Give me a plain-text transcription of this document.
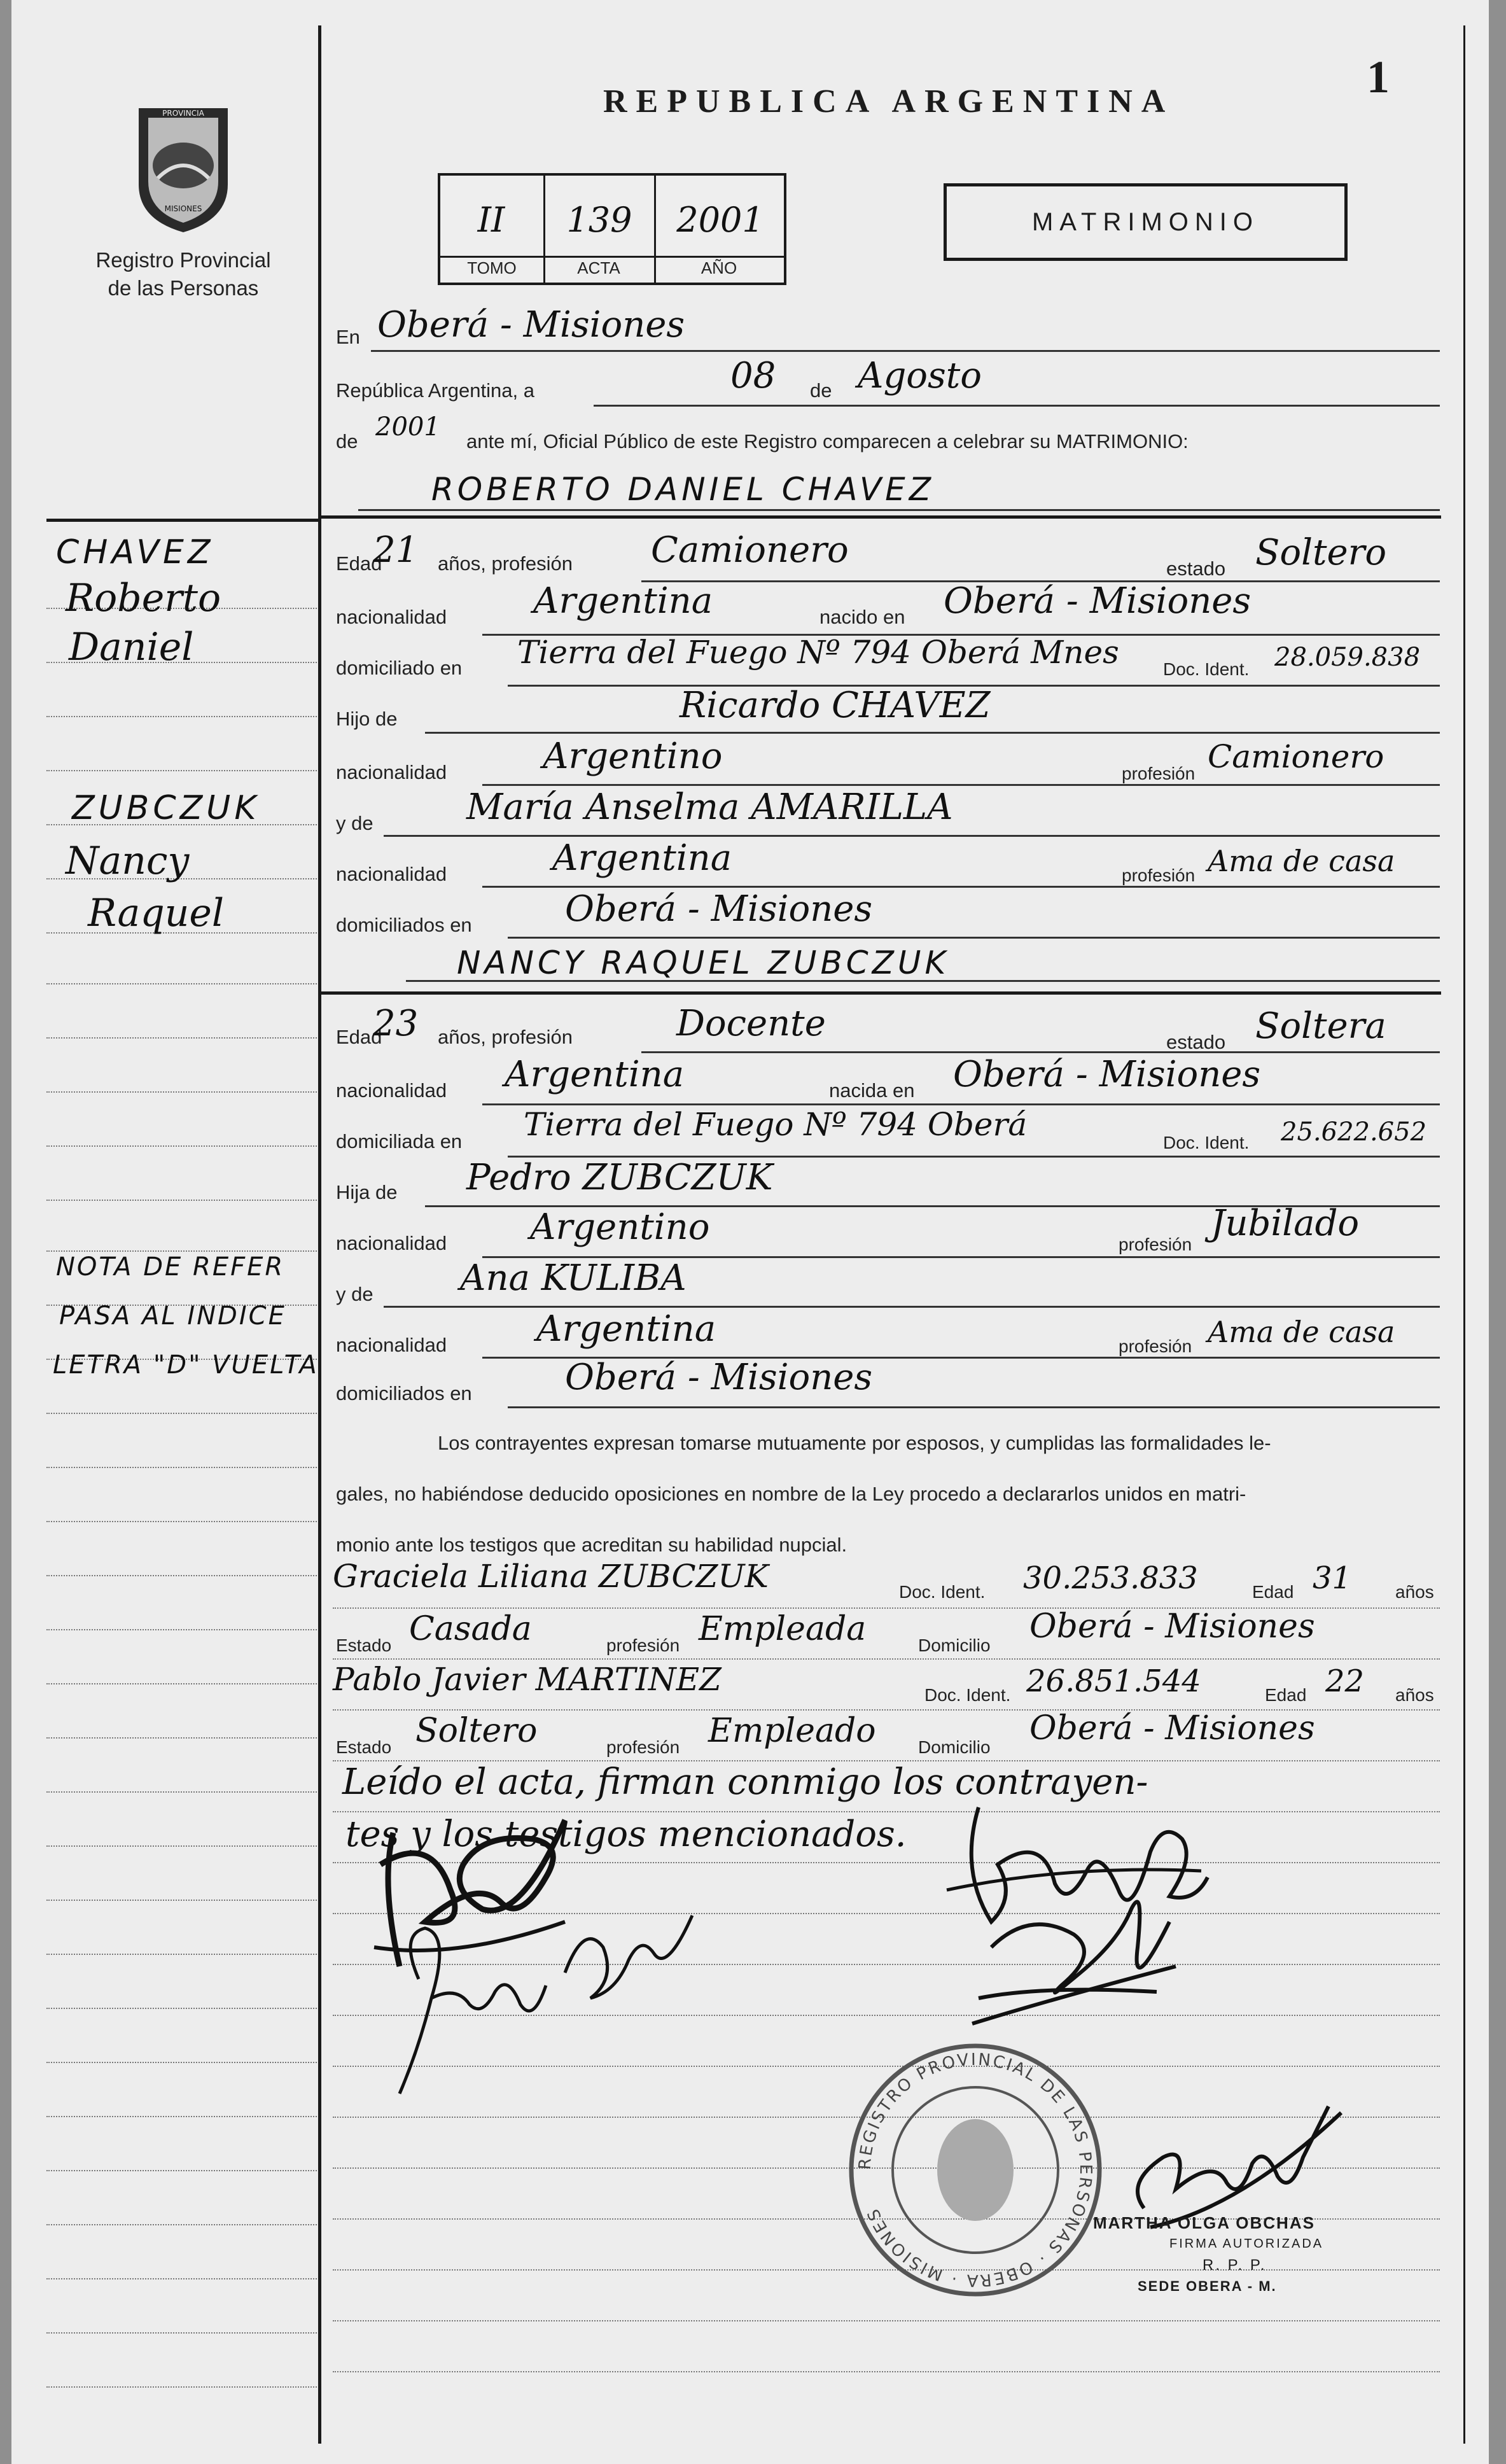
PROVINCIA
MISIONES
Registro Provincial
de las Personas
REPUBLICA ARGENTINA	1
II	139	2001
TOMO	ACTA	AÑO
MATRIMONIO
CHAVEZ
Roberto
Daniel
ZUBCZUK
Nancy
Raquel
NOTA DE REFER
PASA AL INDICE
LETRA "D" VUELTA
En Oberá - Misiones
República Argentina, a	08 de Agosto
de 2001 ante mí, Oficial Público de este Registro comparecen a celebrar su MATRIMONIO:
ROBERTO DANIEL CHAVEZ
Edad
21 años, profesión Camionero	estado Soltero
nacionalidad Argentina	nacido en Oberá - Misiones
domiciliado en Tierra del Fuego Nº 794 Oberá Mnes Doc. Ident. 28.059.838
Hijo de	Ricardo CHAVEZ
nacionalidad	Argentino	profesión Camionero
y de	María Anselma AMARILLA
nacionalidad	Argentina	profesión Ama de casa
domiciliados en	Oberá - Misiones
NANCY RAQUEL ZUBCZUK
Edad
23 años, profesión	Docente	estado Soltera
nacionalidad Argentina	nacida en Oberá - Misiones
domiciliada en Tierra del Fuego Nº 794 Oberá	Doc. Ident. 25.622.652
Hija de Pedro ZUBCZUK
nacionalidad Argentino	profesión
Jubilado
y de Ana KULIBA
nacionalidad	Argentina	profesión Ama de casa
domiciliados en	Oberá - Misiones
Los contrayentes expresan tomarse mutuamente por esposos, y cumplidas las formalidades le-
gales, no habiéndose deducido oposiciones en nombre de la Ley procedo a declararlos unidos en matri-
monio ante los testigos que acreditan su habilidad nupcial.
Graciela Liliana ZUBCZUK	Doc. Ident. 30.253.833	Edad 31 años
Estado Casada	profesión Empleada	Domicilio Oberá - Misiones
Pablo Javier MARTINEZ	Doc. Ident. 26.851.544	Edad 22 años
Estado Soltero	profesión Empleado Domicilio Oberá - Misiones
Leído el acta, firman conmigo los contrayen-
tes y los testigos mencionados.
REGISTRO PROVINCIAL DE LAS PERSONAS · OBERA · MISIONES	MARTHA OLGA OBCHAS
FIRMA AUTORIZADA
R. P. P.
SEDE OBERA - M.
